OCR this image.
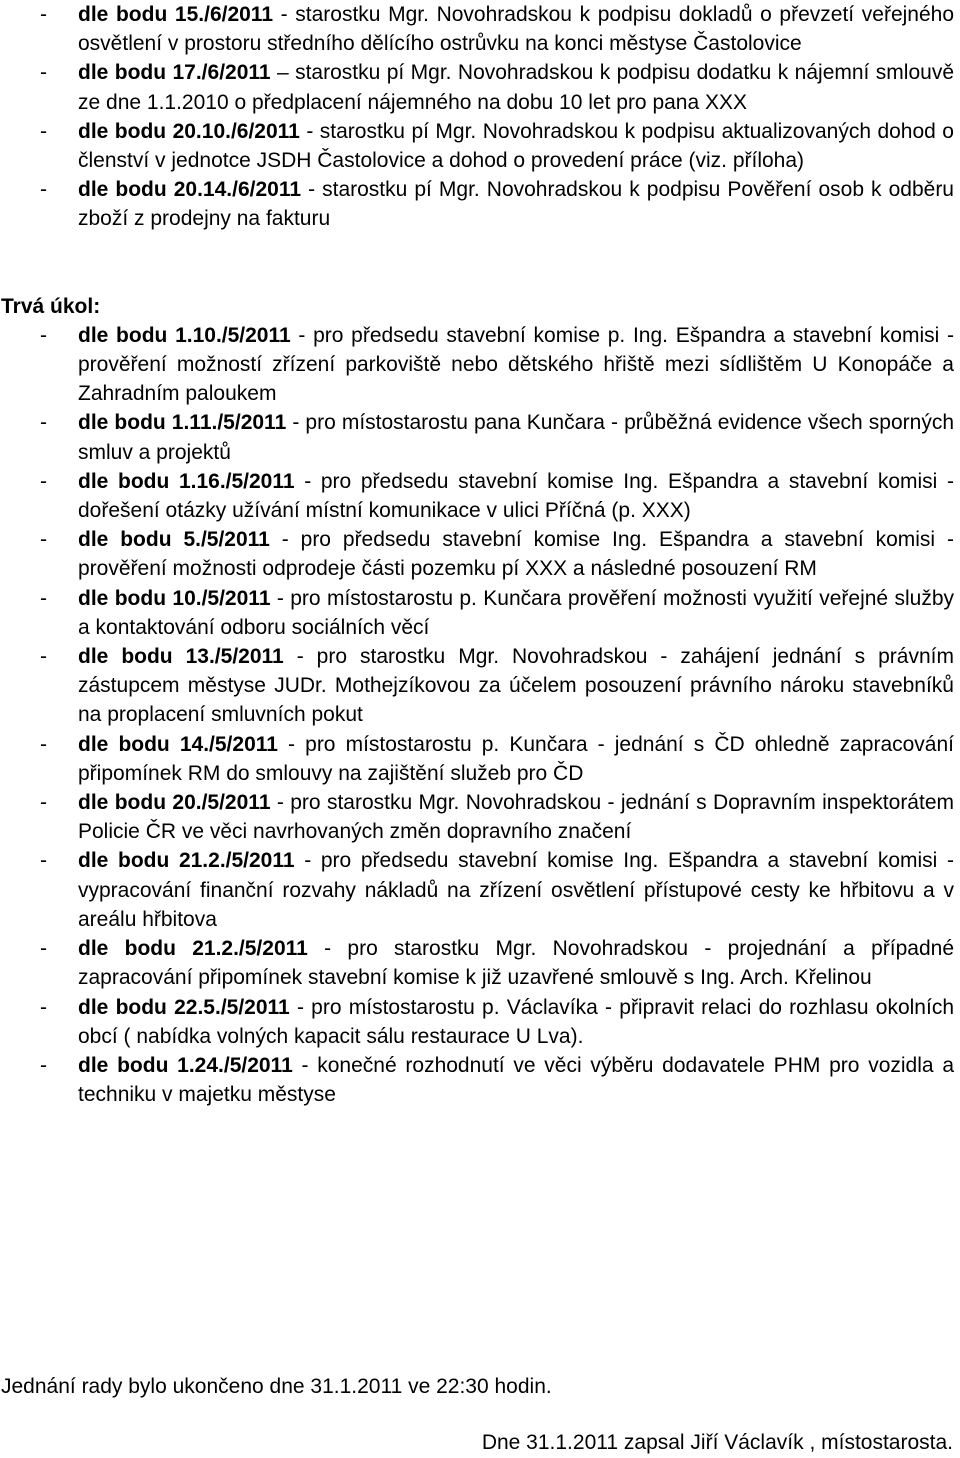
- dle bodu 15./6/2011 - starostku Mgr. Novohradskou k podpisu dokladů o převzetí veřejného osvětlení v prostoru středního dělícího ostrůvku na konci městyse Častolovice
- dle bodu 17./6/2011 – starostku pí Mgr. Novohradskou k podpisu dodatku k nájemní smlouvě ze dne 1.1.2010 o předplacení nájemného na dobu 10 let pro pana XXX
- dle bodu 20.10./6/2011 - starostku pí Mgr. Novohradskou k podpisu aktualizovaných dohod o členství v jednotce JSDH Častolovice a dohod o provedení práce (viz. příloha)
- dle bodu 20.14./6/2011 - starostku pí Mgr. Novohradskou k podpisu Pověření osob k odběru zboží z prodejny na fakturu
Trvá úkol:
- dle bodu 1.10./5/2011 - pro předsedu stavební komise p. Ing. Ešpandra a stavební komisi - prověření možností zřízení parkoviště nebo dětského hřiště mezi sídlištěm U Konopáče a Zahradním paloukem
- dle bodu 1.11./5/2011 - pro místostarostu pana Kunčara - průběžná evidence všech sporných smluv a projektů
- dle bodu 1.16./5/2011 - pro předsedu stavební komise Ing. Ešpandra a stavební komisi - dořešení otázky užívání místní komunikace v ulici Příčná (p. XXX)
- dle bodu 5./5/2011 - pro předsedu stavební komise Ing. Ešpandra a stavební komisi - prověření možnosti odprodeje části pozemku pí XXX a následné posouzení RM
- dle bodu 10./5/2011 - pro místostarostu p. Kunčara prověření možnosti využití veřejné služby a kontaktování odboru sociálních věcí
- dle bodu 13./5/2011 - pro starostku Mgr. Novohradskou - zahájení jednání s právním zástupcem městyse JUDr. Mothejzíkovou za účelem posouzení právního nároku stavebníků na proplacení smluvních pokut
- dle bodu 14./5/2011 - pro místostarostu p. Kunčara - jednání s ČD ohledně zapracování připomínek RM do smlouvy na zajištění služeb pro ČD
- dle bodu 20./5/2011 - pro starostku Mgr. Novohradskou - jednání s Dopravním inspektorátem Policie ČR ve věci navrhovaných změn dopravního značení
- dle bodu 21.2./5/2011 - pro předsedu stavební komise Ing. Ešpandra a stavební komisi - vypracování finanční rozvahy nákladů na zřízení osvětlení přístupové cesty ke hřbitovu a v areálu hřbitova
- dle bodu 21.2./5/2011 - pro starostku Mgr. Novohradskou - projednání a případné zapracování připomínek stavební komise k již uzavřené smlouvě s Ing. Arch. Křelinou
- dle bodu 22.5./5/2011 - pro místostarostu p. Václavíka - připravit relaci do rozhlasu okolních obcí ( nabídka volných kapacit sálu restaurace U Lva).
- dle bodu 1.24./5/2011 - konečné rozhodnutí ve věci výběru dodavatele PHM pro vozidla a techniku v majetku městyse
Jednání rady bylo ukončeno dne 31.1.2011 ve 22:30 hodin.
Dne 31.1.2011 zapsal Jiří Václavík , místostarosta.
